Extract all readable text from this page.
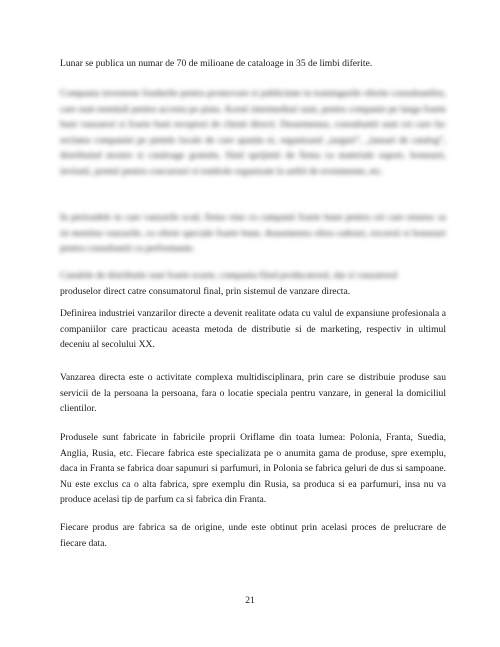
Lunar se publica un numar de 70 de milioane de cataloage in 35 de limbi diferite.

Compania investeste fondurile pentru promovare si publicitate in trainingurile oferite consultantilor, care sunt esentiali pentru accesta pe piata. Acesti intermediari sunt, pentru companie pe langa foarte buni vanzatori si foarte buni receptori de clienti directi. Deasemenea, consultantii sunt cei care fac reclama companiei pe pietele locale de care aparțin ei, organizand „targuri”, „lansari de catalog”, distribuind mostre si cataloage gratuite, fiind sprijiniti de firma cu materiale suport, bonusuri, invitatii, premii pentru concursuri si tombole organizate la astfel de evenimente, etc.

In perioadele in care vanzarile scad, firma vine cu campanii foarte bune pentru cei care reusesc sa isi mentina vanzarile, cu oferte speciale foarte bune, deasemenea ofera cadouri, excursii si bonusuri pentru consultantii cu performante.

Canalele de distributie sunt foarte scurte, compania fiind producatorul, dar si vanzatorul

produselor direct catre consumatorul final, prin sistemul de vanzare directa.

Definirea industriei vanzarilor directe a devenit realitate odata cu valul de expansiune profesionala a companiilor care practicau aceasta metoda de distributie si de marketing, respectiv in ultimul deceniu al secolului XX.

Vanzarea directa este o activitate complexa multidisciplinara, prin care se distribuie produse sau servicii de la persoana la persoana, fara o locatie speciala pentru vanzare, in general la domiciliul clientilor.

Produsele sunt fabricate in fabricile proprii Oriflame din toata lumea: Polonia, Franta, Suedia, Anglia, Rusia, etc. Fiecare fabrica este specializata pe o anumita gama de produse, spre exemplu, daca in Franta se fabrica doar sapunuri si parfumuri, in Polonia se fabrica geluri de dus si sampoane. Nu este exclus ca o alta fabrica, spre exemplu din Rusia, sa produca si ea parfumuri, insa nu va produce acelasi tip de parfum ca si fabrica din Franta.

Fiecare produs are fabrica sa de origine, unde este obtinut prin acelasi proces de prelucrare de fiecare data.

21
